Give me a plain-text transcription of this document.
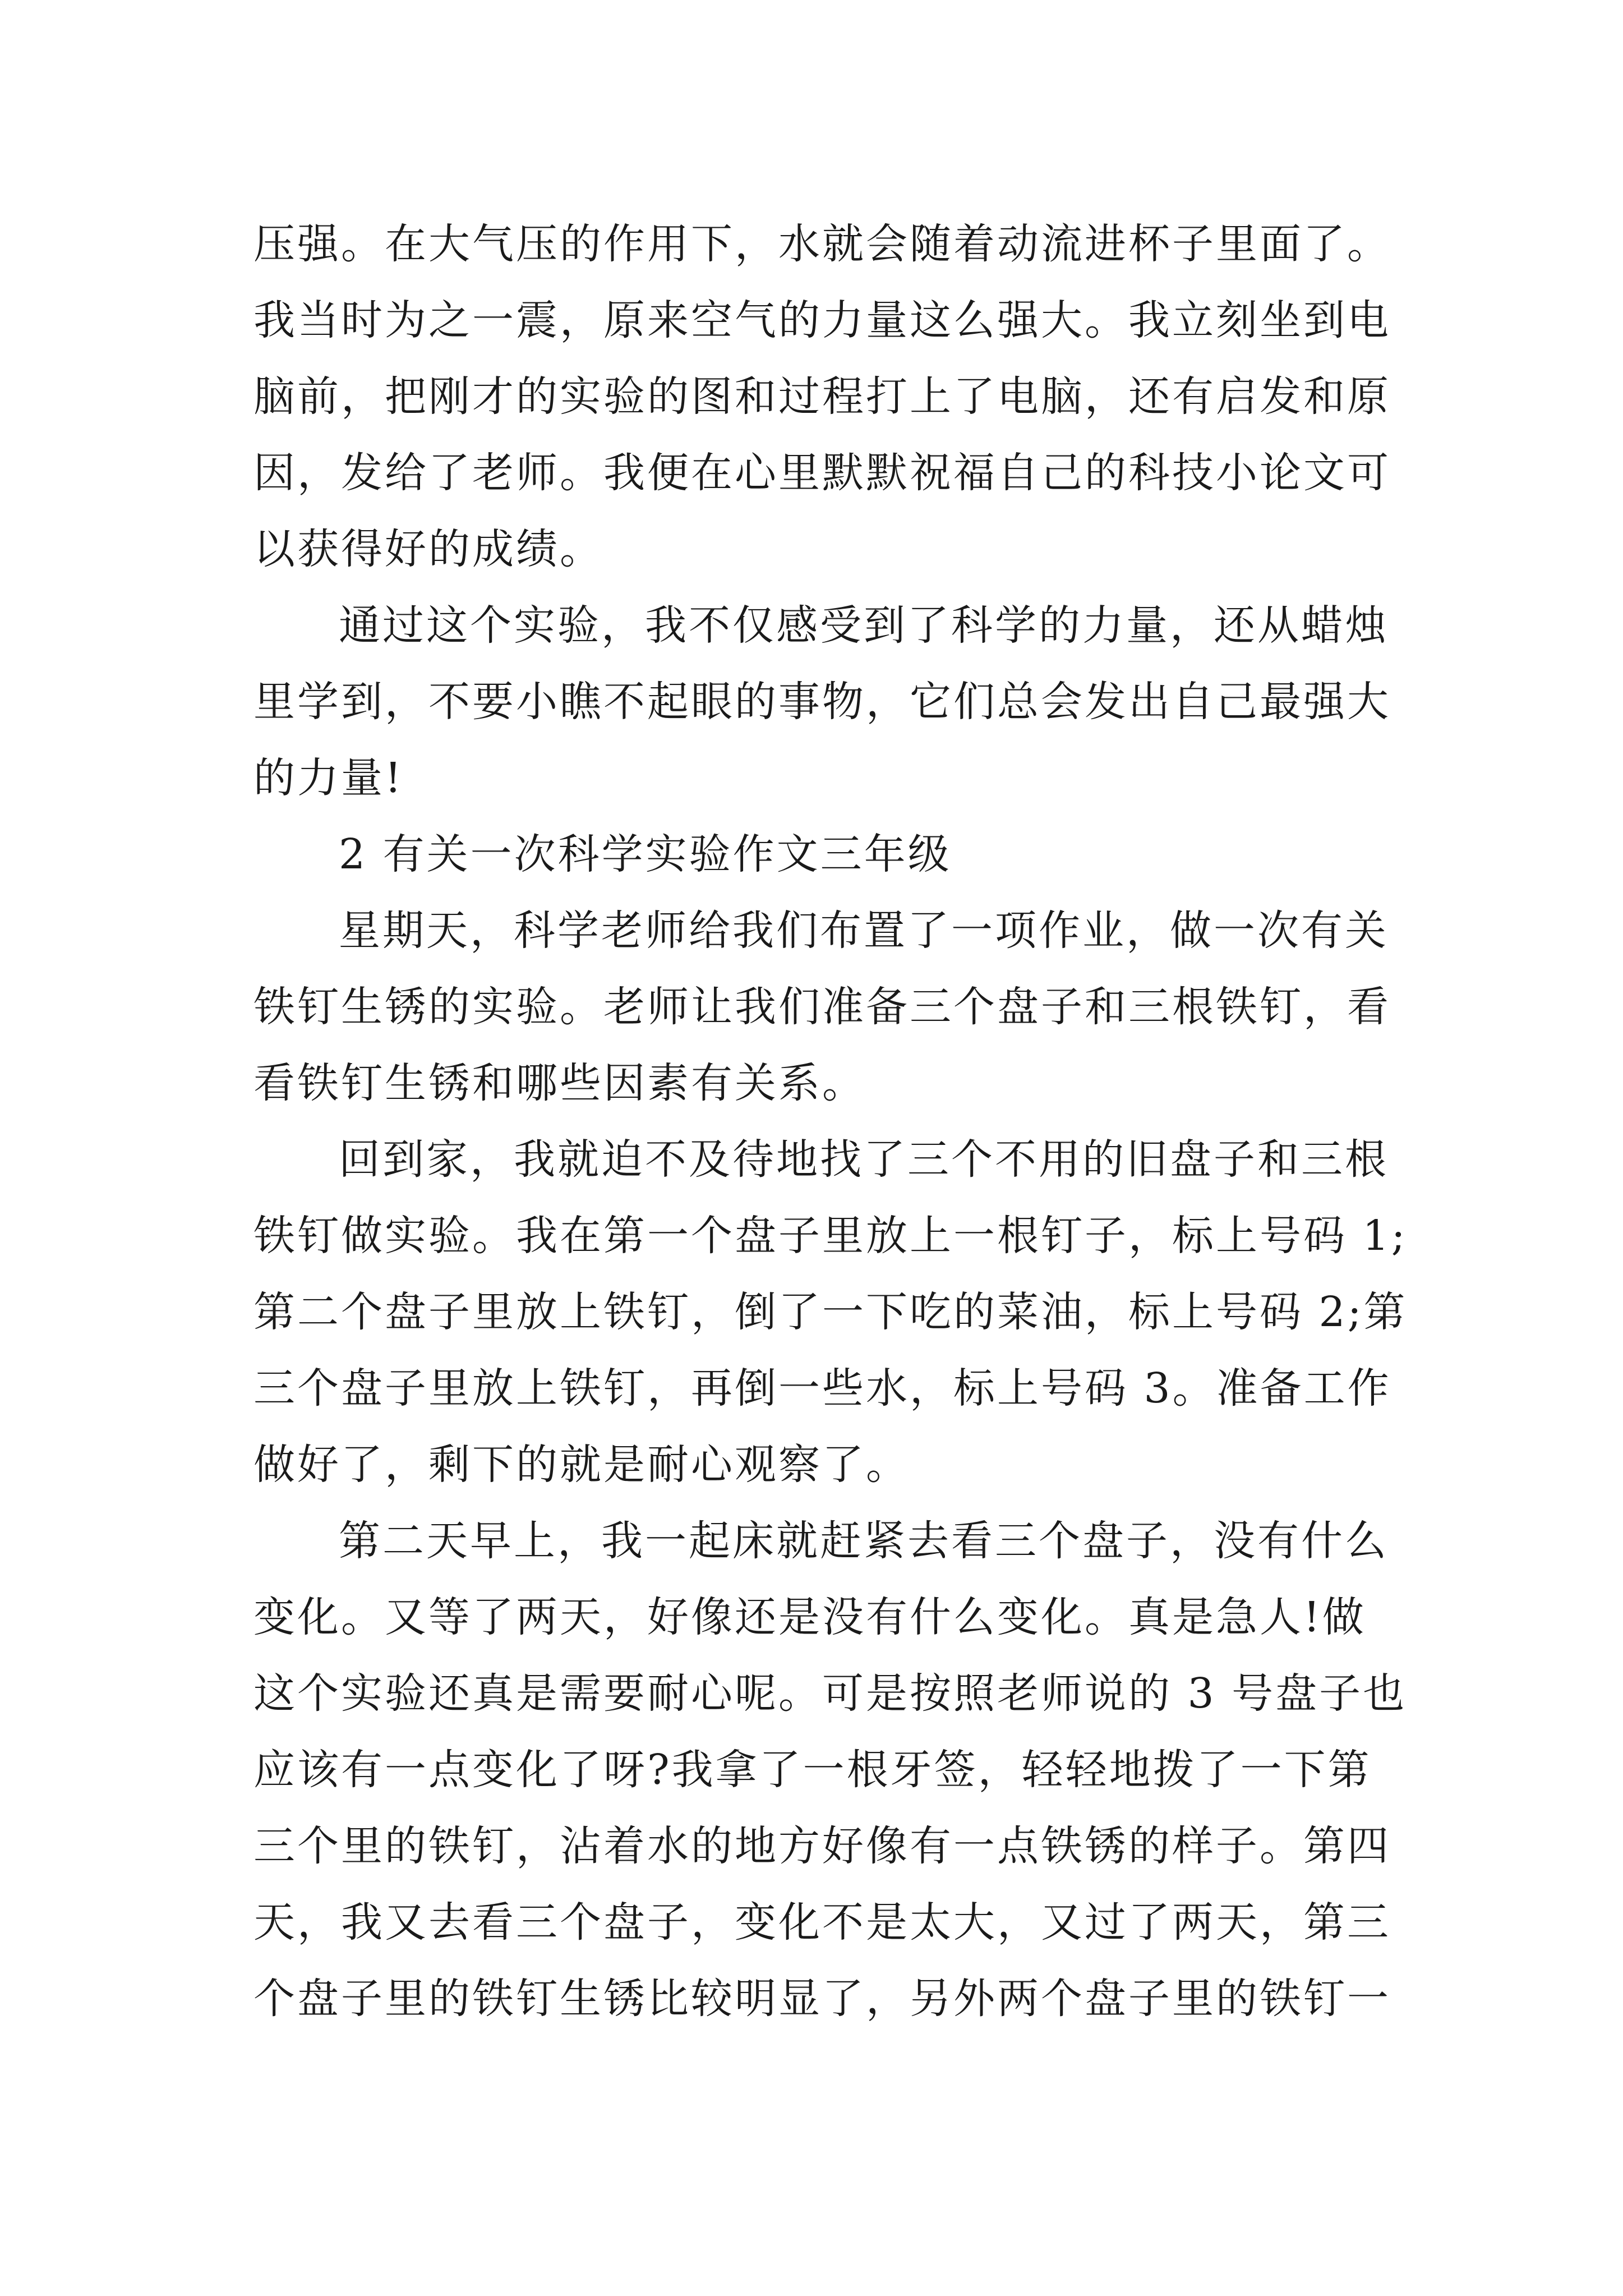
压强。在大气压的作用下，水就会随着动流进杯子里面了。
我当时为之一震，原来空气的力量这么强大。我立刻坐到电
脑前，把刚才的实验的图和过程打上了电脑，还有启发和原
因，发给了老师。我便在心里默默祝福自己的科技小论文可
以获得好的成绩。
通过这个实验，我不仅感受到了科学的力量，还从蜡烛
里学到，不要小瞧不起眼的事物，它们总会发出自己最强大
的力量!
2 有关一次科学实验作文三年级
星期天，科学老师给我们布置了一项作业，做一次有关
铁钉生锈的实验。老师让我们准备三个盘子和三根铁钉，看
看铁钉生锈和哪些因素有关系。
回到家，我就迫不及待地找了三个不用的旧盘子和三根
铁钉做实验。我在第一个盘子里放上一根钉子，标上号码 1;
第二个盘子里放上铁钉，倒了一下吃的菜油，标上号码 2;第
三个盘子里放上铁钉，再倒一些水，标上号码 3。准备工作
做好了，剩下的就是耐心观察了。
第二天早上，我一起床就赶紧去看三个盘子，没有什么
变化。又等了两天，好像还是没有什么变化。真是急人!做
这个实验还真是需要耐心呢。可是按照老师说的 3 号盘子也
应该有一点变化了呀?我拿了一根牙签，轻轻地拨了一下第
三个里的铁钉，沾着水的地方好像有一点铁锈的样子。第四
天，我又去看三个盘子，变化不是太大，又过了两天，第三
个盘子里的铁钉生锈比较明显了，另外两个盘子里的铁钉一
